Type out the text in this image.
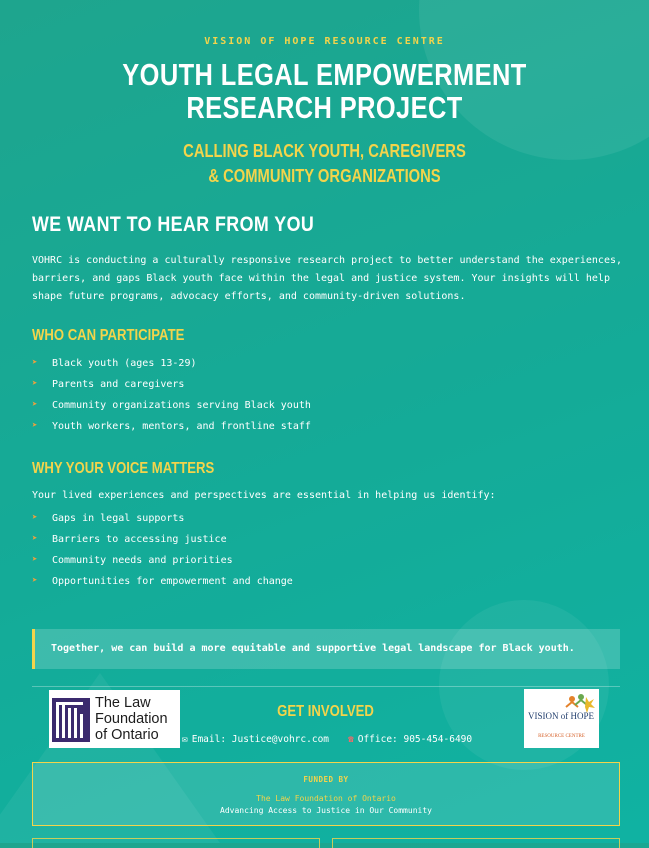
VISION OF HOPE RESOURCE CENTRE
YOUTH LEGAL EMPOWERMENT
RESEARCH PROJECT
CALLING BLACK YOUTH, CAREGIVERS
& COMMUNITY ORGANIZATIONS
WE WANT TO HEAR FROM YOU
VOHRC is conducting a culturally responsive research project to better understand the experiences, barriers, and gaps Black youth face within the legal and justice system. Your insights will help shape future programs, advocacy efforts, and community-driven solutions.
WHO CAN PARTICIPATE
➤ Black youth (ages 13-29)
➤ Parents and caregivers
➤ Community organizations serving Black youth
➤ Youth workers, mentors, and frontline staff
WHY YOUR VOICE MATTERS
Your lived experiences and perspectives are essential in helping us identify:
➤ Gaps in legal supports
➤ Barriers to accessing justice
➤ Community needs and priorities
➤ Opportunities for empowerment and change
Together, we can build a more equitable and supportive legal landscape for Black youth.
The Law
Foundation
of Ontario
GET INVOLVED
✉ Email: Justice@vohrc.com ☎ Office: 905-454-6490
VISION of HOPE
RESOURCE CENTRE
FUNDED BY
The Law Foundation of Ontario
Advancing Access to Justice in Our Community
